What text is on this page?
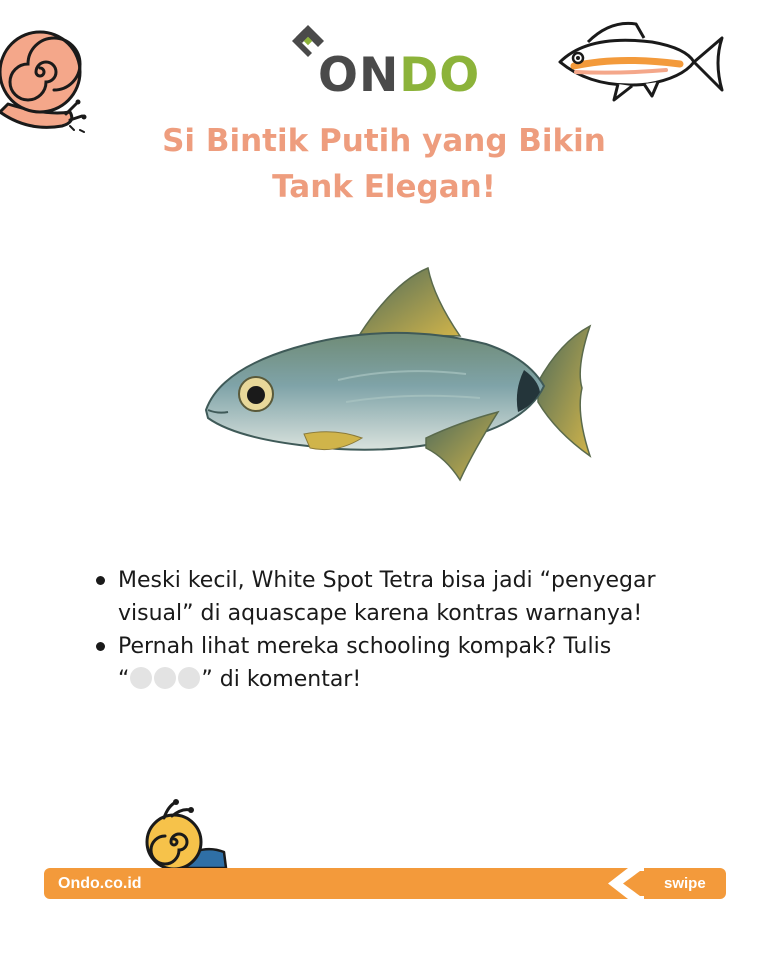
ONDO
Si Bintik Putih yang Bikin
Tank Elegan!
Meski kecil, White Spot Tetra bisa jadi “penyegar
visual” di aquascape karena kontras warnanya!
Pernah lihat mereka schooling kompak? Tulis
“	” di komentar!
Ondo.co.id	swipe
